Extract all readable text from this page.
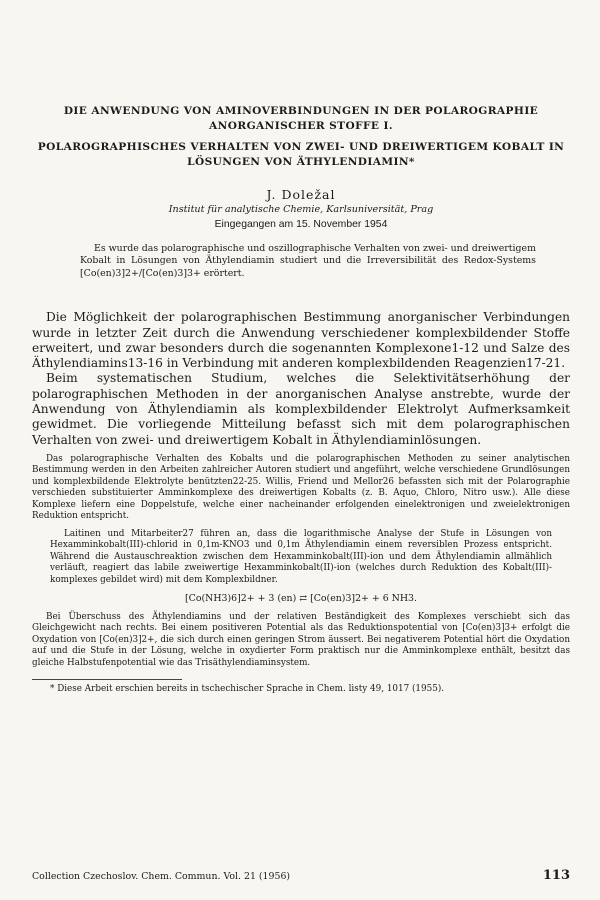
DIE ANWENDUNG VON AMINOVERBINDUNGEN IN DER POLAROGRAPHIE ANORGANISCHER STOFFE I.

POLAROGRAPHISCHES VERHALTEN VON ZWEI- UND DREIWERTIGEM KOBALT IN LÖSUNGEN VON ÄTHYLENDIAMIN*

J. Doležal
Institut für analytische Chemie, Karlsuniversität, Prag
Eingegangen am 15. November 1954
Es wurde das polarographische und oszillographische Verhalten von zwei- und dreiwertigem Kobalt in Lösungen von Äthylendiamin studiert und die Irreversibilität des Redox-Systems [Co(en)3]2+/[Co(en)3]3+ erörtert.

Die Möglichkeit der polarographischen Bestimmung anorganischer Verbindungen wurde in letzter Zeit durch die Anwendung verschiedener komplexbildender Stoffe erweitert, und zwar besonders durch die sogenannten Komplexone1-12 und Salze des Äthylendiamins13-16 in Verbindung mit anderen komplexbildenden Reagenzien17-21.

Beim systematischen Studium, welches die Selektivitätserhöhung der polarographischen Methoden in der anorganischen Analyse anstrebte, wurde der Anwendung von Äthylendiamin als komplexbildender Elektrolyt Aufmerksamkeit gewidmet. Die vorliegende Mitteilung befasst sich mit dem polarographischen Verhalten von zwei- und dreiwertigem Kobalt in Äthylendiaminlösungen.

Das polarographische Verhalten des Kobalts und die polarographischen Methoden zu seiner analytischen Bestimmung werden in den Arbeiten zahlreicher Autoren studiert und angeführt, welche verschiedene Grundlösungen und komplexbildende Elektrolyte benützten22-25. Willis, Friend und Mellor26 befassten sich mit der Polarographie verschieden substituierter Amminkomplexe des dreiwertigen Kobalts (z. B. Aquo, Chloro, Nitro usw.). Alle diese Komplexe liefern eine Doppelstufe, welche einer nacheinander erfolgenden einelektronigen und zweielektronigen Reduktion entspricht.

Laitinen und Mitarbeiter27 führen an, dass die logarithmische Analyse der Stufe in Lösungen von Hexamminkobalt(III)-chlorid in 0,1m-KNO3 und 0,1m Äthylendiamin einem reversiblen Prozess entspricht. Während die Austauschreaktion zwischen dem Hexamminkobalt(III)-ion und dem Äthylendiamin allmählich verläuft, reagiert das labile zweiwertige Hexamminkobalt(II)-ion (welches durch Reduktion des Kobalt(III)-komplexes gebildet wird) mit dem Komplexbildner.

[Co(NH3)6]2+ + 3 (en) ⇄ [Co(en)3]2+ + 6 NH3.

Bei Überschuss des Äthylendiamins und der relativen Beständigkeit des Komplexes verschiebt sich das Gleichgewicht nach rechts. Bei einem positiveren Potential als das Reduktionspotential von [Co(en)3]3+ erfolgt die Oxydation von [Co(en)3]2+, die sich durch einen geringen Strom äussert. Bei negativerem Potential hört die Oxydation auf und die Stufe in der Lösung, welche in oxydierter Form praktisch nur die Amminkomplexe enthält, besitzt das gleiche Halbstufenpotential wie das Trisäthylendiaminsystem.

* Diese Arbeit erschien bereits in tschechischer Sprache in Chem. listy 49, 1017 (1955).
Collection Czechoslov. Chem. Commun. Vol. 21 (1956)	113
